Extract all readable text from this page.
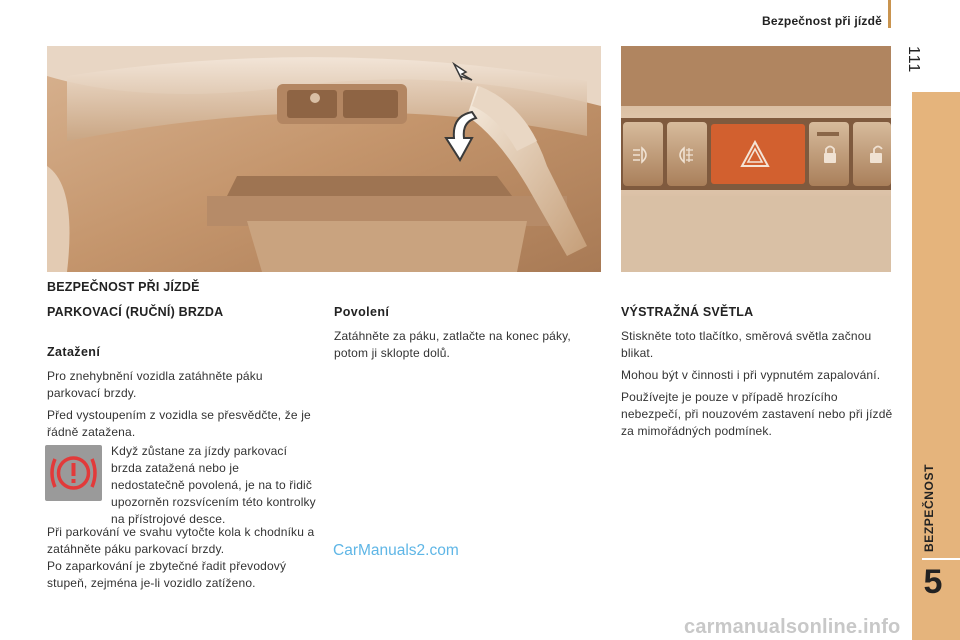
Bezpečnost při jízdě
111
BEZPEČNOST
5
BEZPEČNOST PŘI JÍZDĚ
PARKOVACÍ (RUČNÍ) BRZDA
Zatažení

Pro znehybnění vozidla zatáhněte páku parkovací brzdy.

Před vystoupením z vozidla se přesvědčte, že je řádně zatažena.

Když zůstane za jízdy parkovací brzda zatažená nebo je nedostatečně povolená, je na to řidič upozorněn rozsvícením této kontrolky na přístrojové desce.

Při parkování ve svahu vytočte kola k chodníku a zatáhněte páku parkovací brzdy.

Po zaparkování je zbytečné řadit převodový stupeň, zejména je-li vozidlo zatíženo.

Povolení

Zatáhněte za páku, zatlačte na konec páky, potom ji sklopte dolů.

VÝSTRAŽNÁ SVĚTLA

Stiskněte toto tlačítko, směrová světla začnou blikat.

Mohou být v činnosti i při vypnutém zapalování.

Používejte je pouze v případě hrozícího nebezpečí, při nouzovém zastavení nebo při jízdě za mimořádných podmínek.

CarManuals2.com
carmanualsonline.info
